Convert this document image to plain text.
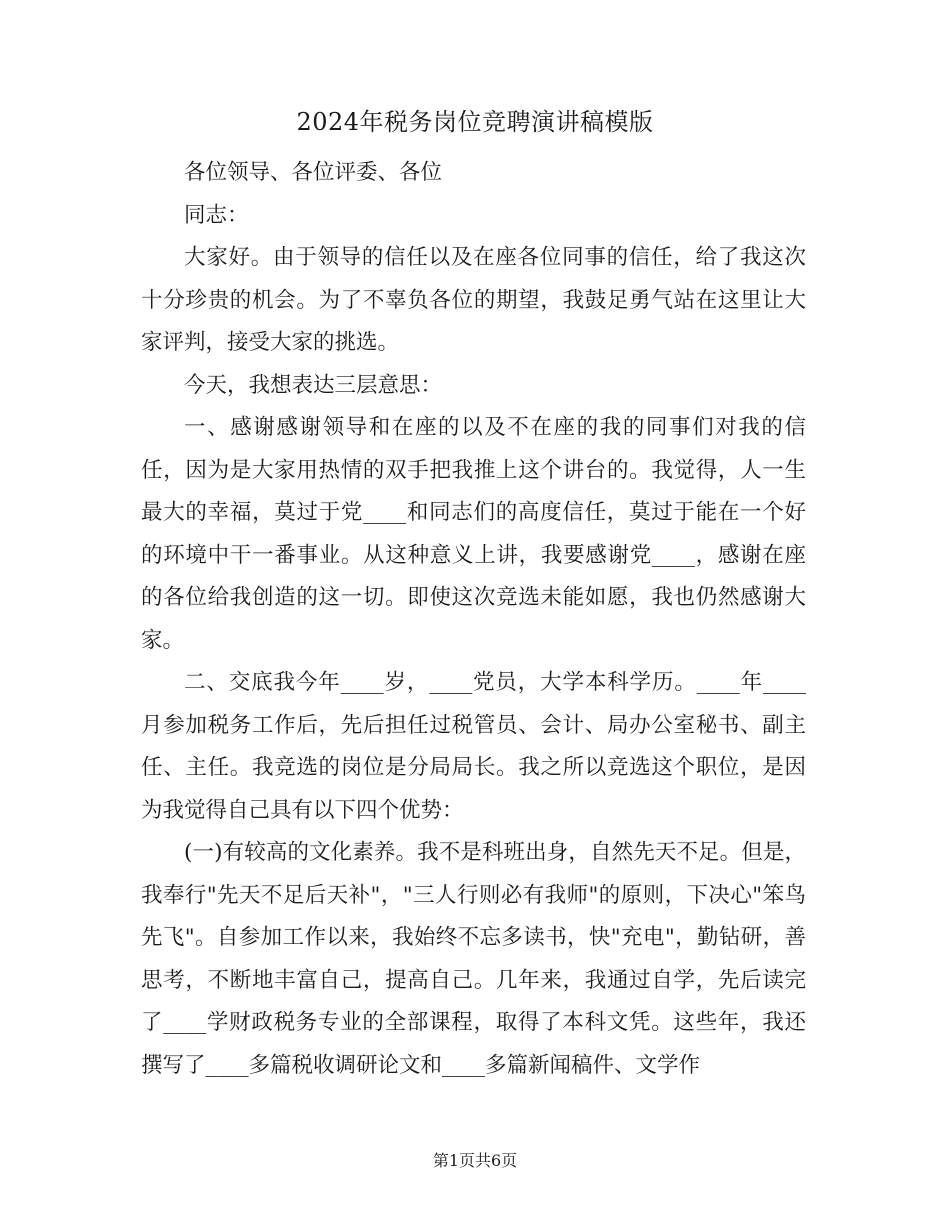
2024年税务岗位竞聘演讲稿模版

各位领导、各位评委、各位

同志：

大家好。由于领导的信任以及在座各位同事的信任，给了我这次十分珍贵的机会。为了不辜负各位的期望，我鼓足勇气站在这里让大家评判，接受大家的挑选。

今天，我想表达三层意思：

一、感谢感谢领导和在座的以及不在座的我的同事们对我的信任，因为是大家用热情的双手把我推上这个讲台的。我觉得，人一生最大的幸福，莫过于党____和同志们的高度信任，莫过于能在一个好的环境中干一番事业。从这种意义上讲，我要感谢党____，感谢在座的各位给我创造的这一切。即使这次竞选未能如愿，我也仍然感谢大家。

二、交底我今年____岁，____党员，大学本科学历。____年____月参加税务工作后，先后担任过税管员、会计、局办公室秘书、副主任、主任。我竞选的岗位是分局局长。我之所以竞选这个职位，是因为我觉得自己具有以下四个优势：

(一)有较高的文化素养。我不是科班出身，自然先天不足。但是，我奉行"先天不足后天补"，"三人行则必有我师"的原则，下决心"笨鸟先飞"。自参加工作以来，我始终不忘多读书，快"充电"，勤钻研，善思考，不断地丰富自己，提高自己。几年来，我通过自学，先后读完了____学财政税务专业的全部课程，取得了本科文凭。这些年，我还撰写了____多篇税收调研论文和____多篇新闻稿件、文学作

第1页共6页
